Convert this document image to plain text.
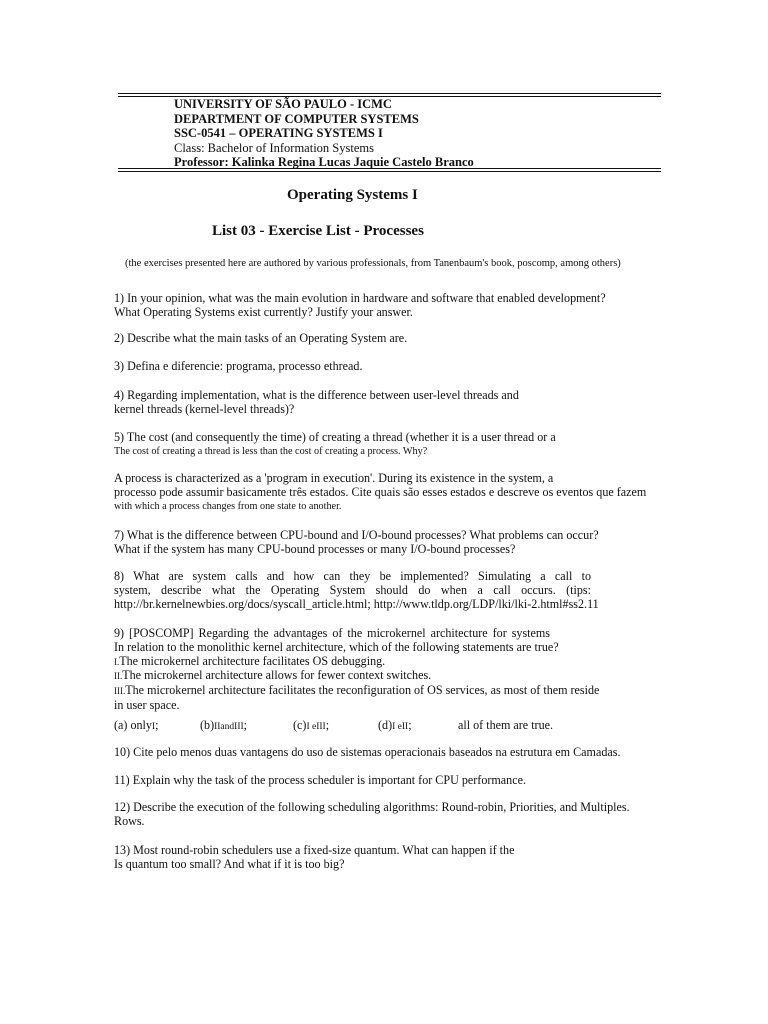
UNIVERSITY OF SÃO PAULO - ICMC
DEPARTMENT OF COMPUTER SYSTEMS
SSC-0541 – OPERATING SYSTEMS I
Class: Bachelor of Information Systems
Professor: Kalinka Regina Lucas Jaquie Castelo Branco
Operating Systems I
List 03 - Exercise List - Processes
(the exercises presented here are authored by various professionals, from Tanenbaum's book, poscomp, among others)
1) In your opinion, what was the main evolution in hardware and software that enabled development?
What Operating Systems exist currently? Justify your answer.
2) Describe what the main tasks of an Operating System are.
3) Defina e diferencie: programa, processo ethread.
4) Regarding implementation, what is the difference between user-level threads and
kernel threads (kernel-level threads)?
5) The cost (and consequently the time) of creating a thread (whether it is a user thread or a
The cost of creating a thread is less than the cost of creating a process. Why?
A process is characterized as a 'program in execution'. During its existence in the system, a
processo pode assumir basicamente três estados. Cite quais são esses estados e descreve os eventos que fazem
with which a process changes from one state to another.
7) What is the difference between CPU-bound and I/O-bound processes? What problems can occur?
What if the system has many CPU-bound processes or many I/O-bound processes?
8) What are system calls and how can they be implemented? Simulating a call to
system, describe what the Operating System should do when a call occurs. (tips:
http://br.kernelnewbies.org/docs/syscall_article.html; http://www.tldp.org/LDP/lki/lki-2.html#ss2.11
9) [POSCOMP] Regarding the advantages of the microkernel architecture for systems
In relation to the monolithic kernel architecture, which of the following statements are true?
I.The microkernel architecture facilitates OS debugging.
II.The microkernel architecture allows for fewer context switches.
III.The microkernel architecture facilitates the reconfiguration of OS services, as most of them reside
in user space.
(a) onlyI;	(b)IIandIII;	(c)I eIII;	(d)I eII;	all of them are true.
10) Cite pelo menos duas vantagens do uso de sistemas operacionais baseados na estrutura em Camadas.
11) Explain why the task of the process scheduler is important for CPU performance.
12) Describe the execution of the following scheduling algorithms: Round-robin, Priorities, and Multiples.
Rows.
13) Most round-robin schedulers use a fixed-size quantum. What can happen if the
Is quantum too small? And what if it is too big?
